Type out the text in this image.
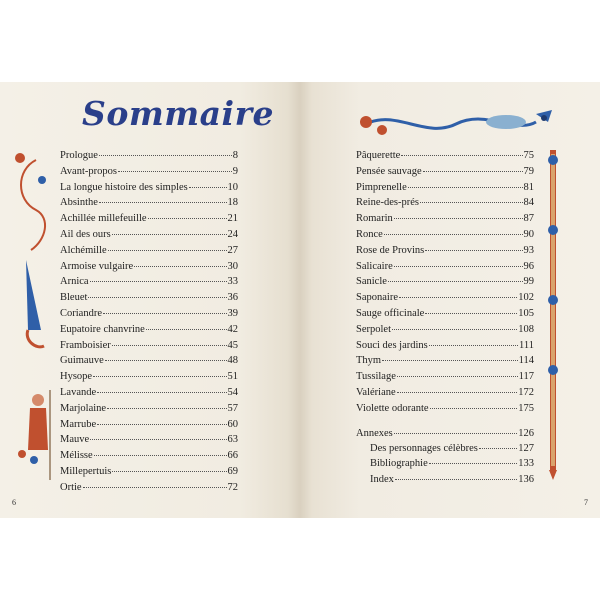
Sommaire
Prologue	8
Avant-propos	9
La longue histoire des simples	10
Absinthe	18
Achillée millefeuille	21
Ail des ours	24
Alchémille	27
Armoise vulgaire	30
Arnica	33
Bleuet	36
Coriandre	39
Eupatoire chanvrine	42
Framboisier	45
Guimauve	48
Hysope	51
Lavande	54
Marjolaine	57
Marrube	60
Mauve	63
Mélisse	66
Millepertuis	69
Ortie	72
6
Pâquerette	75
Pensée sauvage	79
Pimprenelle	81
Reine-des-prés	84
Romarin	87
Ronce	90
Rose de Provins	93
Salicaire	96
Sanicle	99
Saponaire	102
Sauge officinale	105
Serpolet	108
Souci des jardins	111
Thym	114
Tussilage	117
Valériane	172
Violette odorante	175
Annexes	126
Des personnages célèbres	127
Bibliographie	133
Index	136
7
